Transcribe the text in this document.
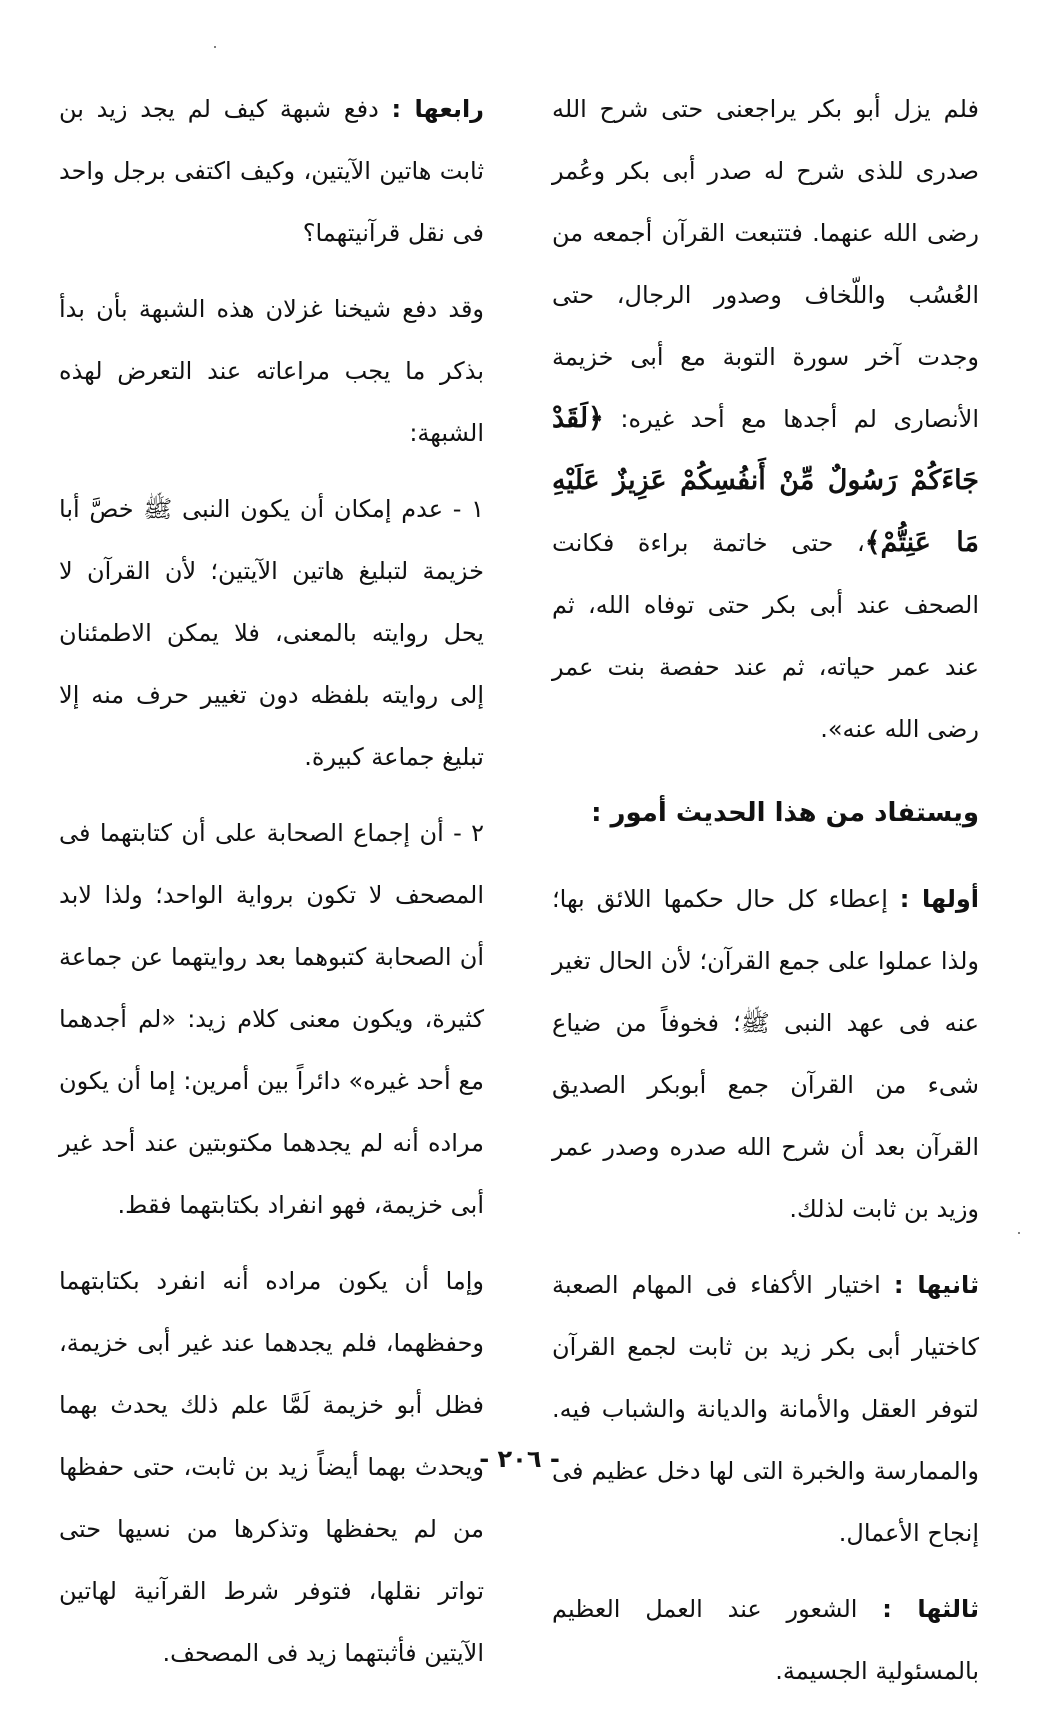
فلم يزل أبو بكر يراجعنى حتى شرح الله صدرى للذى شرح له صدر أبى بكر وعُمر رضى الله عنهما. فتتبعت القرآن أجمعه من العُسُب واللّخاف وصدور الرجال، حتى وجدت آخر سورة التوبة مع أبى خزيمة الأنصارى لم أجدها مع أحد غيره: ﴿لَقَدْ جَاءَكُمْ رَسُولٌ مِّنْ أَنفُسِكُمْ عَزِيزٌ عَلَيْهِ مَا عَنِتُّمْ﴾، حتى خاتمة براءة فكانت الصحف عند أبى بكر حتى توفاه الله، ثم عند عمر حياته، ثم عند حفصة بنت عمر رضى الله عنه».

ويستفاد من هذا الحديث أمور :

أولها : إعطاء كل حال حكمها اللائق بها؛ ولذا عملوا على جمع القرآن؛ لأن الحال تغير عنه فى عهد النبى ﷺ؛ فخوفاً من ضياع شىء من القرآن جمع أبوبكر الصديق القرآن بعد أن شرح الله صدره وصدر عمر وزيد بن ثابت لذلك.

ثانيها : اختيار الأكفاء فى المهام الصعبة كاختيار أبى بكر زيد بن ثابت لجمع القرآن لتوفر العقل والأمانة والديانة والشباب فيه. والممارسة والخبرة التى لها دخل عظيم فى إنجاح الأعمال.

ثالثها : الشعور عند العمل العظيم بالمسئولية الجسيمة.

رابعها : دفع شبهة كيف لم يجد زيد بن ثابت هاتين الآيتين، وكيف اكتفى برجل واحد فى نقل قرآنيتهما؟

وقد دفع شيخنا غزلان هذه الشبهة بأن بدأ بذكر ما يجب مراعاته عند التعرض لهذه الشبهة:

١ - عدم إمكان أن يكون النبى ﷺ خصَّ أبا خزيمة لتبليغ هاتين الآيتين؛ لأن القرآن لا يحل روايته بالمعنى، فلا يمكن الاطمئنان إلى روايته بلفظه دون تغيير حرف منه إلا تبليغ جماعة كبيرة.

٢ - أن إجماع الصحابة على أن كتابتهما فى المصحف لا تكون برواية الواحد؛ ولذا لابد أن الصحابة كتبوهما بعد روايتهما عن جماعة كثيرة، ويكون معنى كلام زيد: «لم أجدهما مع أحد غيره» دائراً بين أمرين: إما أن يكون مراده أنه لم يجدهما مكتوبتين عند أحد غير أبى خزيمة، فهو انفراد بكتابتهما فقط.

وإما أن يكون مراده أنه انفرد بكتابتهما وحفظهما، فلم يجدهما عند غير أبى خزيمة، فظل أبو خزيمة لَمَّا علم ذلك يحدث بهما ويحدث بهما أيضاً زيد بن ثابت، حتى حفظها من لم يحفظها وتذكرها من نسيها حتى تواتر نقلها، فتوفر شرط القرآنية لهاتين الآيتين فأثبتهما زيد فى المصحف.

- ٢٠٦ -
